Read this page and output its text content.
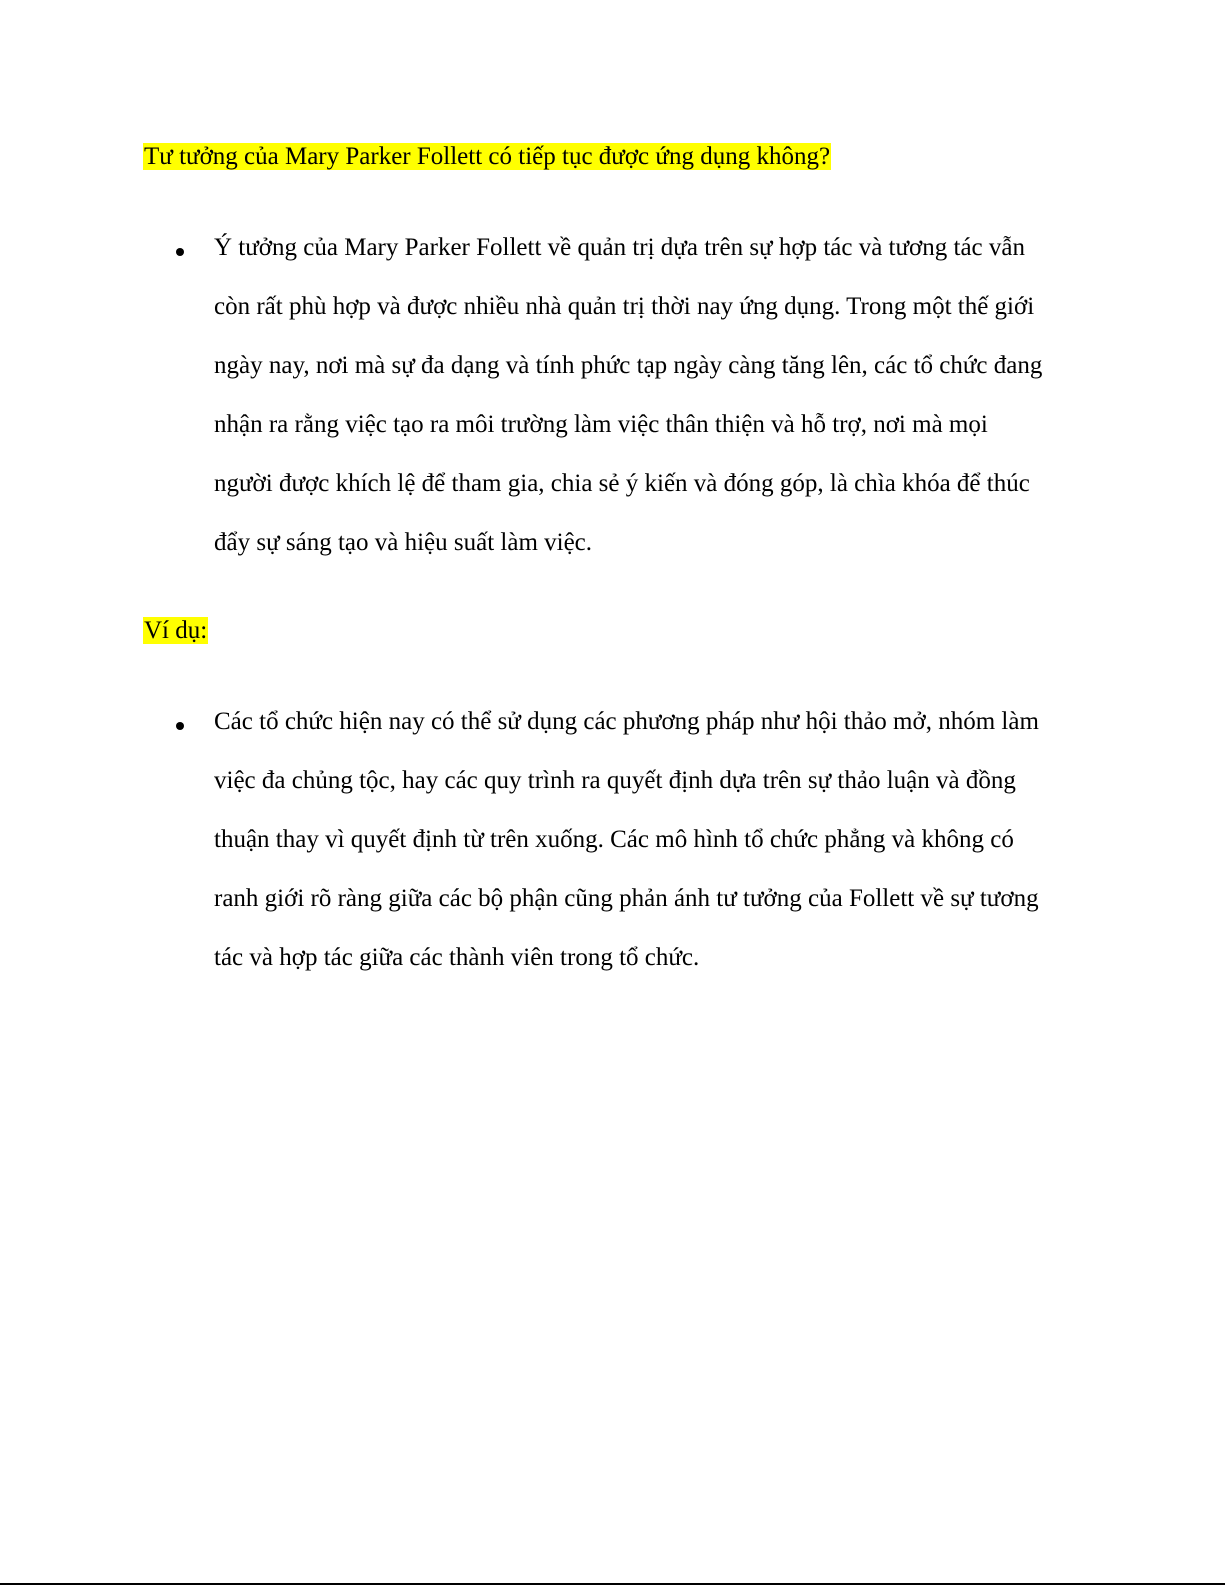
Tư tưởng của Mary Parker Follett có tiếp tục được ứng dụng không?

Ý tưởng của Mary Parker Follett về quản trị dựa trên sự hợp tác và tương tác vẫn
còn rất phù hợp và được nhiều nhà quản trị thời nay ứng dụng. Trong một thế giới
ngày nay, nơi mà sự đa dạng và tính phức tạp ngày càng tăng lên, các tổ chức đang
nhận ra rằng việc tạo ra môi trường làm việc thân thiện và hỗ trợ, nơi mà mọi
người được khích lệ để tham gia, chia sẻ ý kiến và đóng góp, là chìa khóa để thúc
đẩy sự sáng tạo và hiệu suất làm việc.

Ví dụ:

Các tổ chức hiện nay có thể sử dụng các phương pháp như hội thảo mở, nhóm làm
việc đa chủng tộc, hay các quy trình ra quyết định dựa trên sự thảo luận và đồng
thuận thay vì quyết định từ trên xuống. Các mô hình tổ chức phẳng và không có
ranh giới rõ ràng giữa các bộ phận cũng phản ánh tư tưởng của Follett về sự tương
tác và hợp tác giữa các thành viên trong tổ chức.
